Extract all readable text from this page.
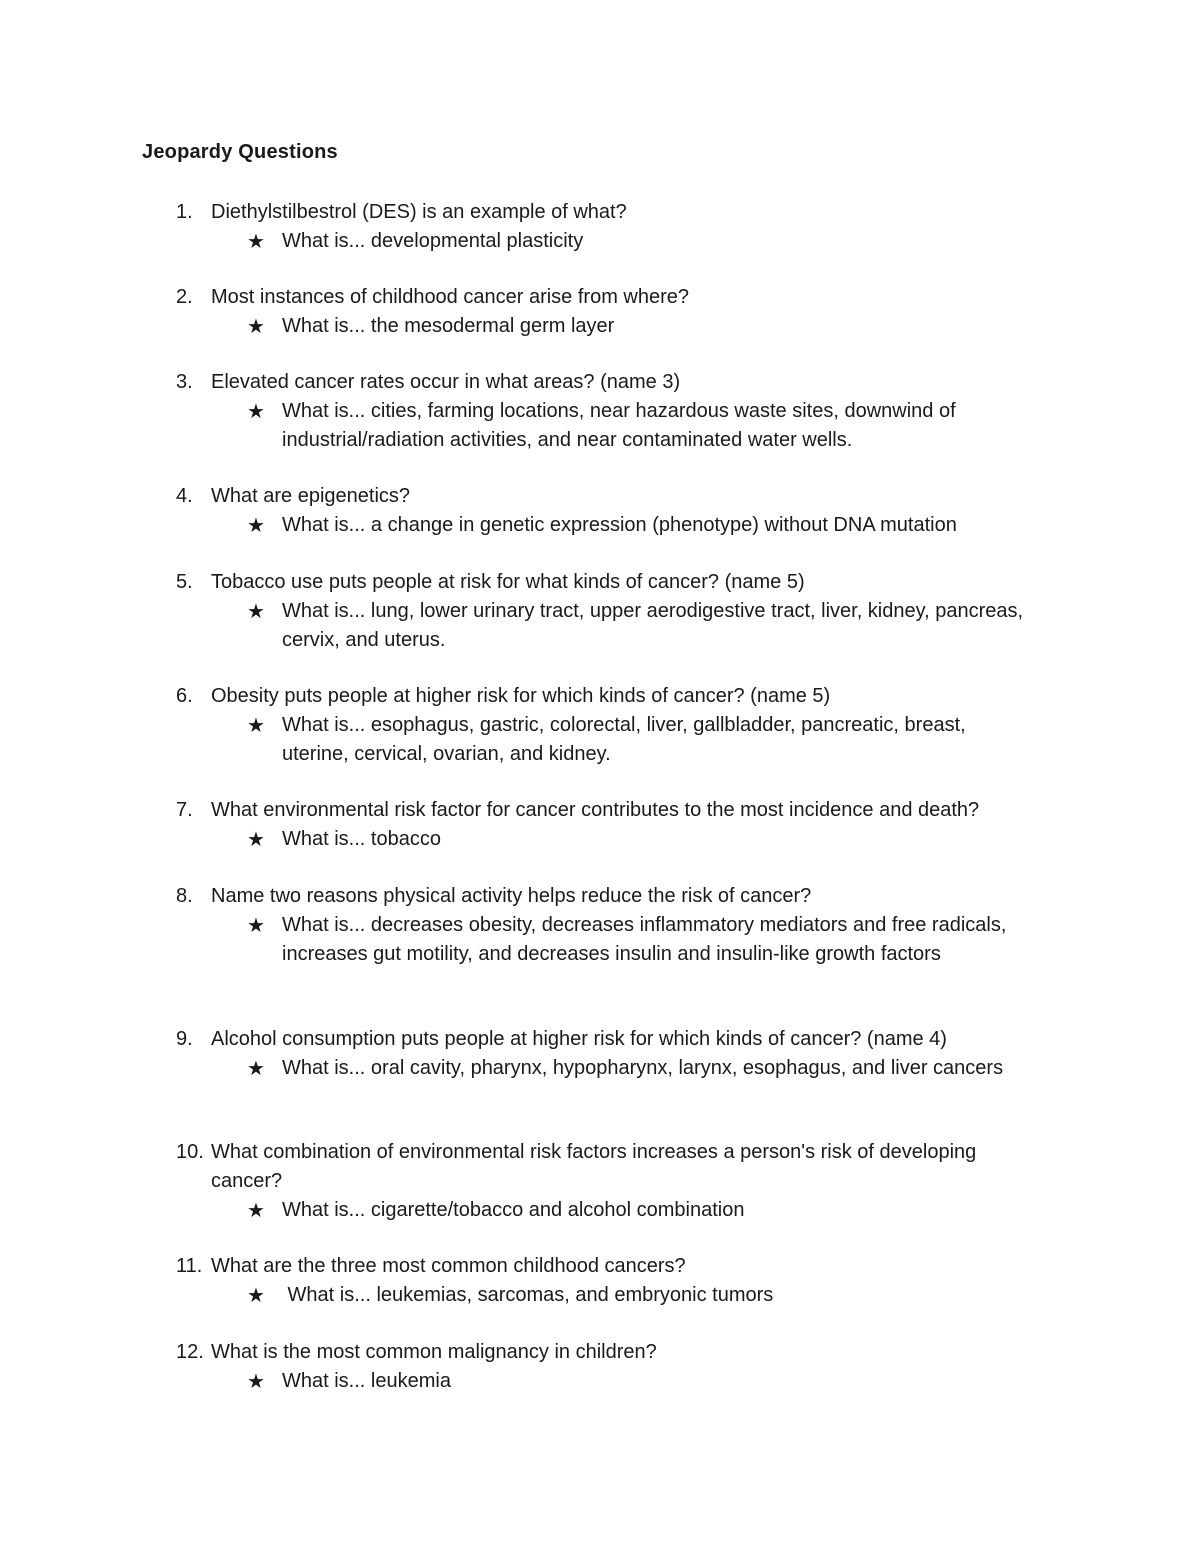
Jeopardy Questions
1. Diethylstilbestrol (DES) is an example of what?
★ What is... developmental plasticity
2. Most instances of childhood cancer arise from where?
★ What is... the mesodermal germ layer
3. Elevated cancer rates occur in what areas? (name 3)
★ What is... cities, farming locations, near hazardous waste sites, downwind of industrial/radiation activities, and near contaminated water wells.
4. What are epigenetics?
★ What is... a change in genetic expression (phenotype) without DNA mutation
5. Tobacco use puts people at risk for what kinds of cancer? (name 5)
★ What is... lung, lower urinary tract, upper aerodigestive tract, liver, kidney, pancreas, cervix, and uterus.
6. Obesity puts people at higher risk for which kinds of cancer? (name 5)
★ What is... esophagus, gastric, colorectal, liver, gallbladder, pancreatic, breast, uterine, cervical, ovarian, and kidney.
7. What environmental risk factor for cancer contributes to the most incidence and death?
★ What is... tobacco
8. Name two reasons physical activity helps reduce the risk of cancer?
★ What is... decreases obesity, decreases inflammatory mediators and free radicals, increases gut motility, and decreases insulin and insulin-like growth factors
9. Alcohol consumption puts people at higher risk for which kinds of cancer? (name 4)
★ What is... oral cavity, pharynx, hypopharynx, larynx, esophagus, and liver cancers
10. What combination of environmental risk factors increases a person's risk of developing cancer?
★ What is... cigarette/tobacco and alcohol combination
11. What are the three most common childhood cancers?
★ What is... leukemias, sarcomas, and embryonic tumors
12. What is the most common malignancy in children?
★ What is... leukemia
